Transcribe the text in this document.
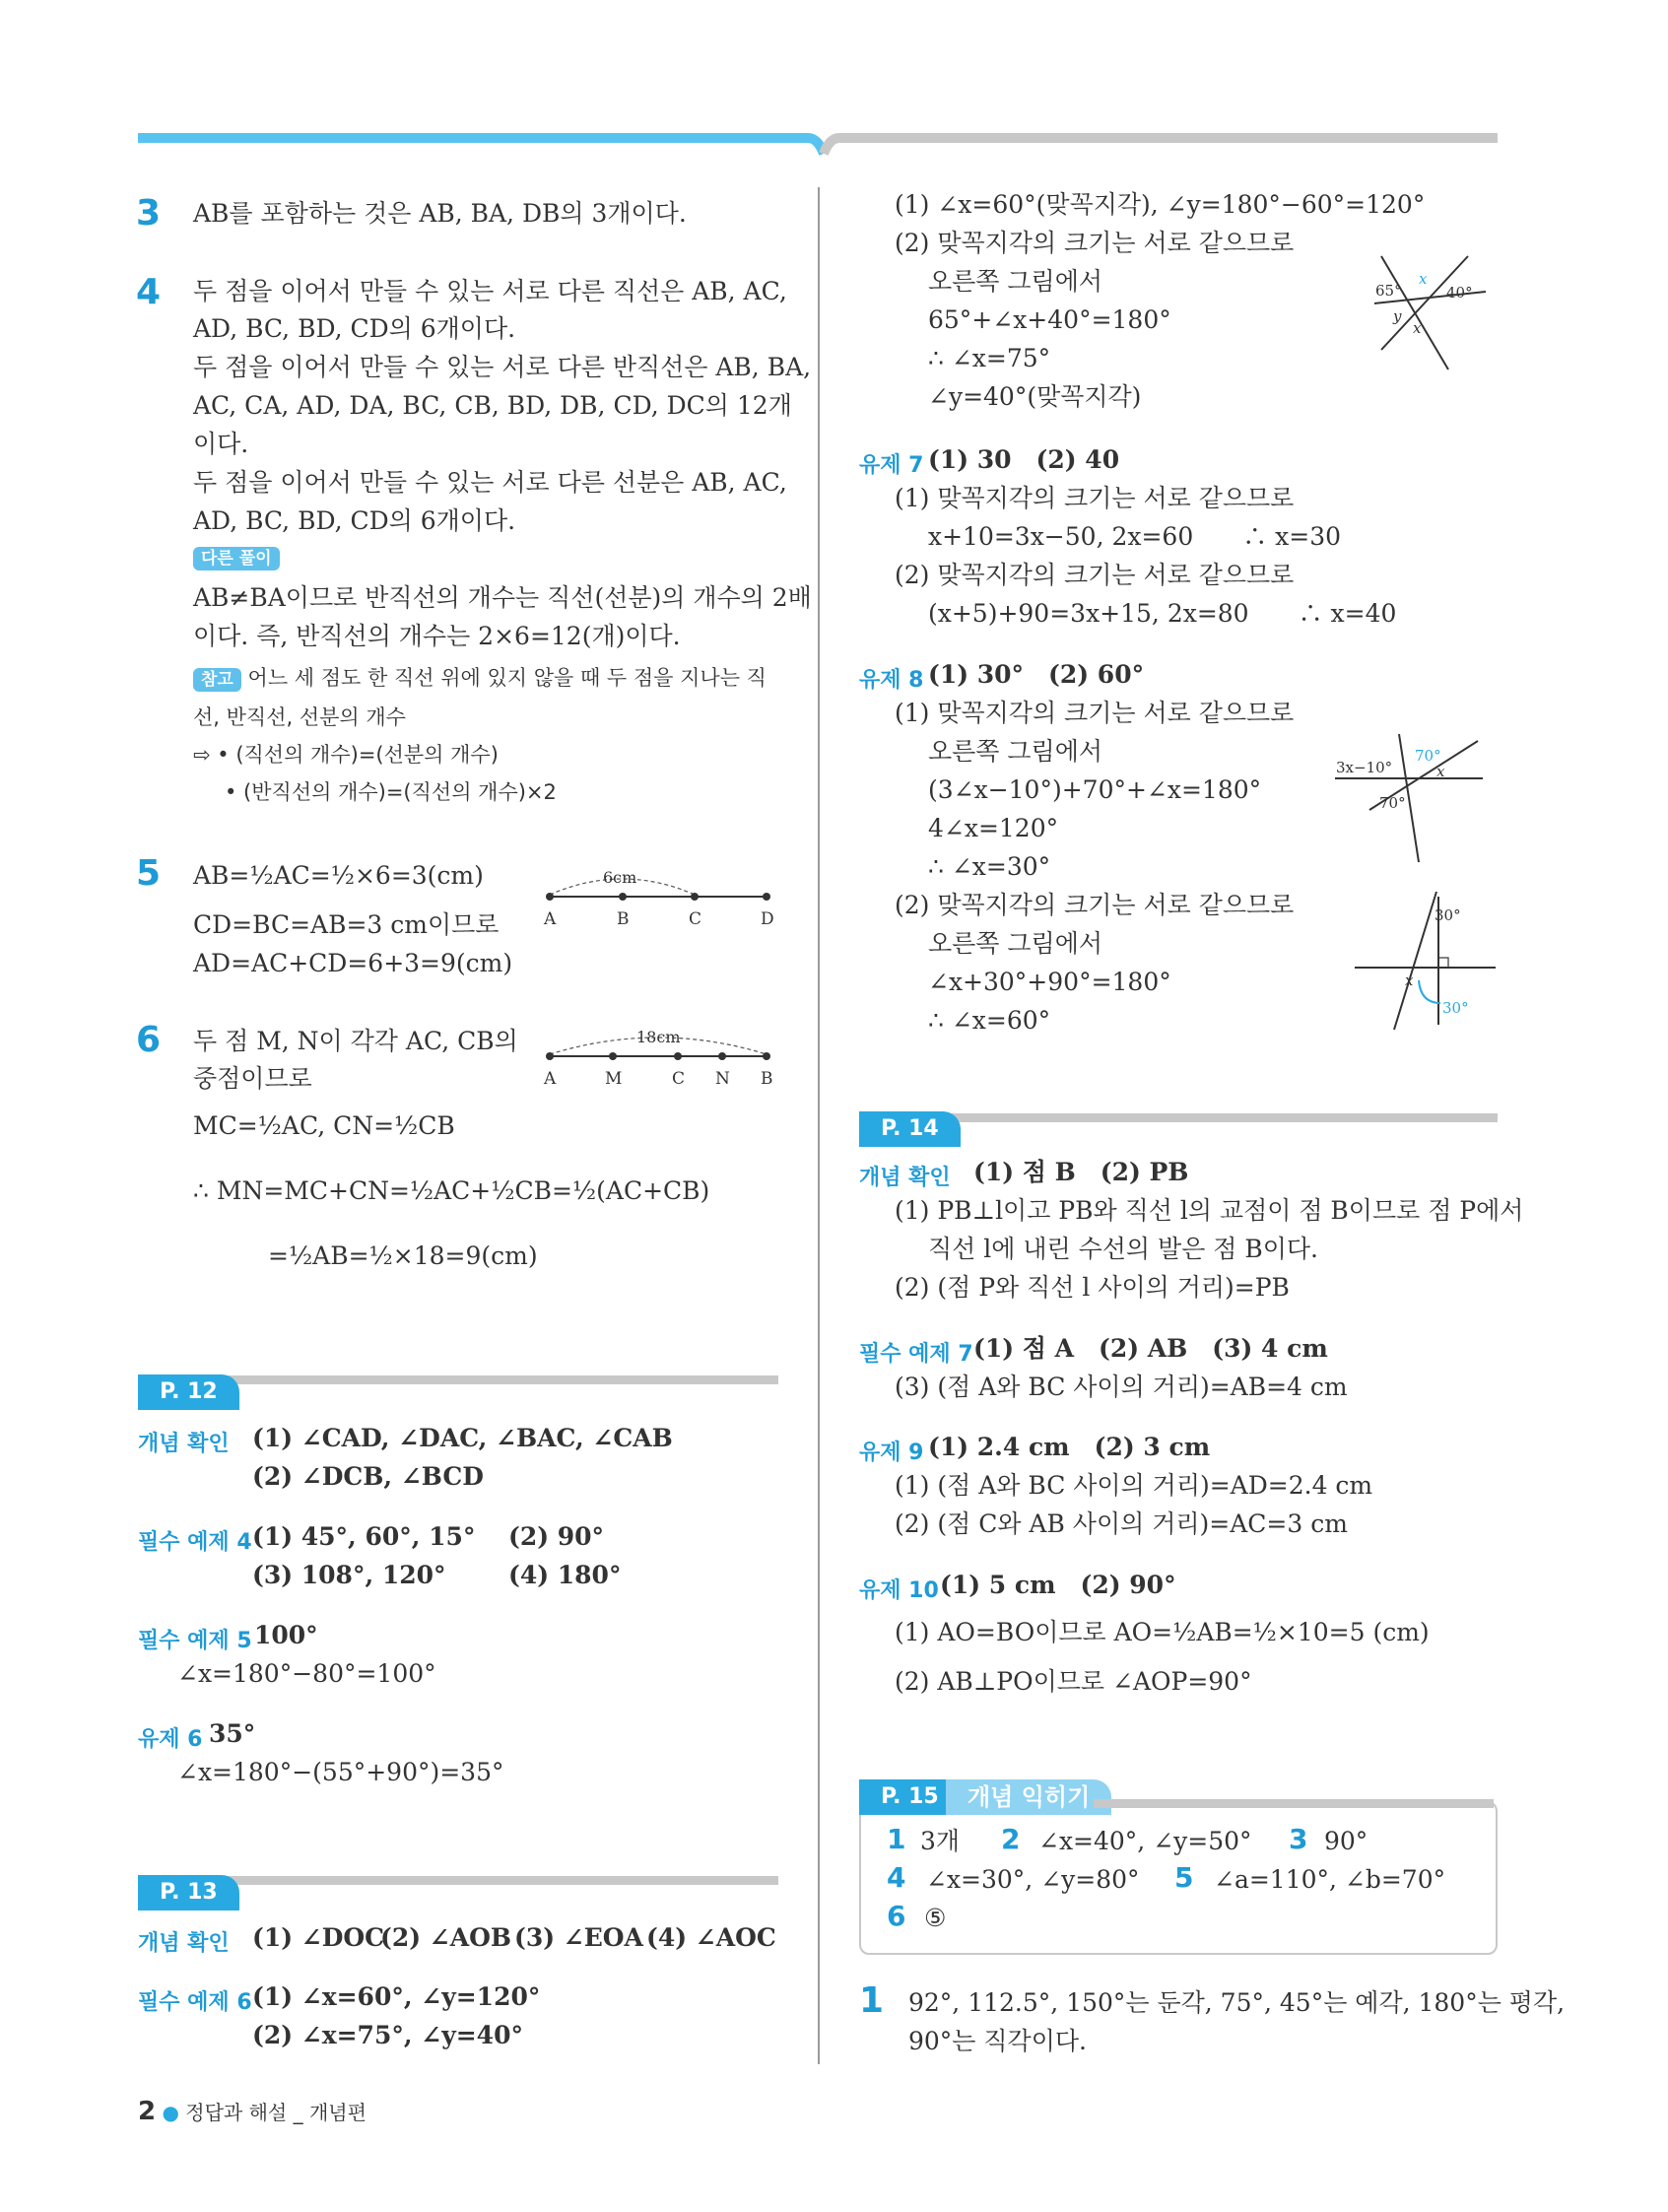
3 AB를 포함하는 것은 AB, BA, DB의 3개이다.
4 두 점을 이어서 만들 수 있는 서로 다른 직선은 AB, AC,
AD, BC, BD, CD의 6개이다.
두 점을 이어서 만들 수 있는 서로 다른 반직선은 AB, BA,
AC, CA, AD, DA, BC, CB, BD, DB, CD, DC의 12개
이다.
두 점을 이어서 만들 수 있는 서로 다른 선분은 AB, AC,
AD, BC, BD, CD의 6개이다.
다른 풀이
AB≠BA이므로 반직선의 개수는 직선(선분)의 개수의 2배
이다. 즉, 반직선의 개수는 2×6=12(개)이다.
참고 어느 세 점도 한 직선 위에 있지 않을 때 두 점을 지나는 직
선, 반직선, 선분의 개수
⇨ • (직선의 개수)=(선분의 개수)
• (반직선의 개수)=(직선의 개수)×2
5 AB=½AC=½×6=3(cm)
CD=BC=AB=3 cm이므로
AD=AC+CD=6+3=9(cm)
6cm
A	B	C	D
6 두 점 M, N이 각각 AC, CB의
중점이므로
MC=½AC, CN=½CB
∴ MN=MC+CN=½AC+½CB=½(AC+CB)
=½AB=½×18=9(cm)
18cm
A	M	C N B
P. 12
개념 확인 (1) ∠CAD, ∠DAC, ∠BAC, ∠CAB
(2) ∠DCB, ∠BCD
필수 예제 4 (1) 45°, 60°, 15° (2) 90°
(3) 108°, 120°	(4) 180°
필수 예제 5 100°
∠x=180°−80°=100°
유제 6 35°
∠x=180°−(55°+90°)=35°
P. 13
개념 확인 (1) ∠DOC
(2) ∠AOB (3) ∠EOA (4) ∠AOC
필수 예제 6 (1) ∠x=60°, ∠y=120°
(2) ∠x=75°, ∠y=40°
2 ● 정답과 해설 _ 개념편
(1) ∠x=60°(맞꼭지각), ∠y=180°−60°=120°
(2) 맞꼭지각의 크기는 서로 같으므로
오른쪽 그림에서
65°+∠x+40°=180°
∴ ∠x=75°
∠y=40°(맞꼭지각)
65°	40°
x
y
x
유제 7 (1) 30　(2) 40
(1) 맞꼭지각의 크기는 서로 같으므로
x+10=3x−50, 2x=60　　∴ x=30
(2) 맞꼭지각의 크기는 서로 같으므로
(x+5)+90=3x+15, 2x=80　　∴ x=40
유제 8 (1) 30°　(2) 60°
(1) 맞꼭지각의 크기는 서로 같으므로
오른쪽 그림에서
(3∠x−10°)+70°+∠x=180°
4∠x=120°
∴ ∠x=30°
(2) 맞꼭지각의 크기는 서로 같으므로
오른쪽 그림에서
∠x+30°+90°=180°
∴ ∠x=60°
3x−10°
70°
70°
x
30°
30°
x
P. 14
개념 확인 (1) 점 B　(2) PB
(1) PB⊥l이고 PB와 직선 l의 교점이 점 B이므로 점 P에서
직선 l에 내린 수선의 발은 점 B이다.
(2) (점 P와 직선 l 사이의 거리)=PB
필수 예제 7 (1) 점 A　(2) AB　(3) 4 cm
(3) (점 A와 BC 사이의 거리)=AB=4 cm
유제 9 (1) 2.4 cm　(2) 3 cm
(1) (점 A와 BC 사이의 거리)=AD=2.4 cm
(2) (점 C와 AB 사이의 거리)=AC=3 cm
유제 10 (1) 5 cm　(2) 90°
(1) AO=BO이므로 AO=½AB=½×10=5 (cm)
(2) AB⊥PO이므로 ∠AOP=90°
P. 15	개념 익히기
1 3개 2 ∠x=40°, ∠y=50° 3 90°
4 ∠x=30°, ∠y=80° 5 ∠a=110°, ∠b=70°
6 ⑤
1 92°, 112.5°, 150°는 둔각, 75°, 45°는 예각, 180°는 평각,
90°는 직각이다.
